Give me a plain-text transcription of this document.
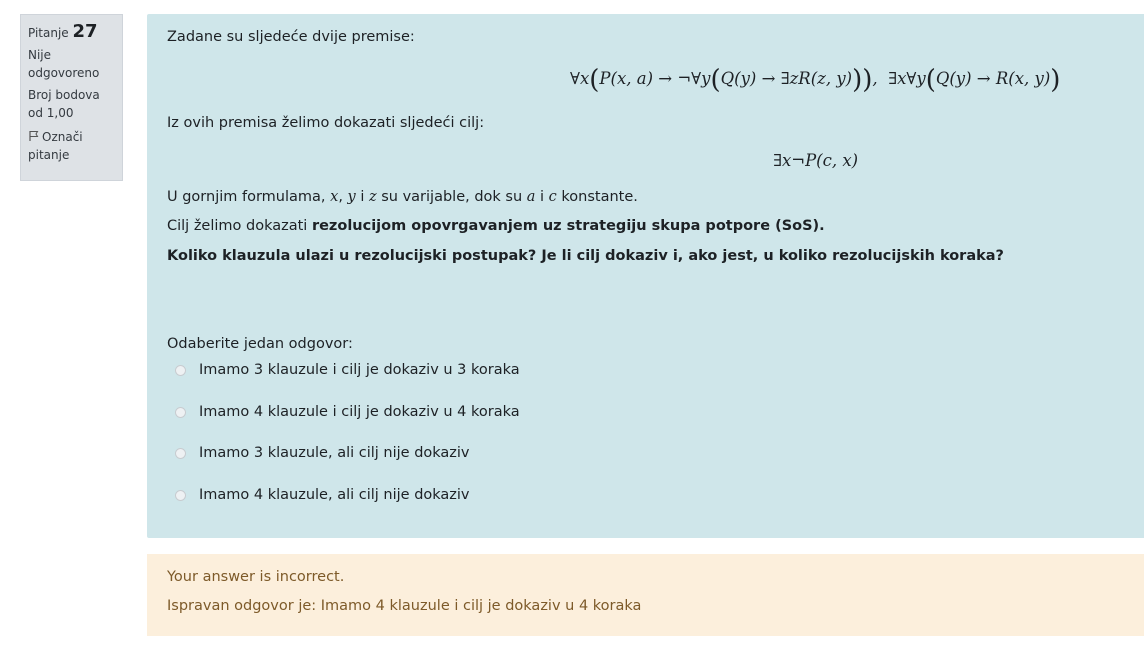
Pitanje 27
Nije odgovoreno
Broj bodova od 1,00
Označi pitanje
Zadane su sljedeće dvije premise:
∀x(P(x, a) → ¬∀y(Q(y) → ∃zR(z, y))),  ∃x∀y(Q(y) → R(x, y))
Iz ovih premisa želimo dokazati sljedeći cilj:
∃x¬P(c, x)
U gornjim formulama, x, y i z su varijable, dok su a i c konstante.
Cilj želimo dokazati rezolucijom opovrgavanjem uz strategiju skupa potpore (SoS).
Koliko klauzula ulazi u rezolucijski postupak? Je li cilj dokaziv i, ako jest, u koliko rezolucijskih koraka?
Odaberite jedan odgovor:
Imamo 3 klauzule i cilj je dokaziv u 3 koraka
Imamo 4 klauzule i cilj je dokaziv u 4 koraka
Imamo 3 klauzule, ali cilj nije dokaziv
Imamo 4 klauzule, ali cilj nije dokaziv
Your answer is incorrect.
Ispravan odgovor je: Imamo 4 klauzule i cilj je dokaziv u 4 koraka
